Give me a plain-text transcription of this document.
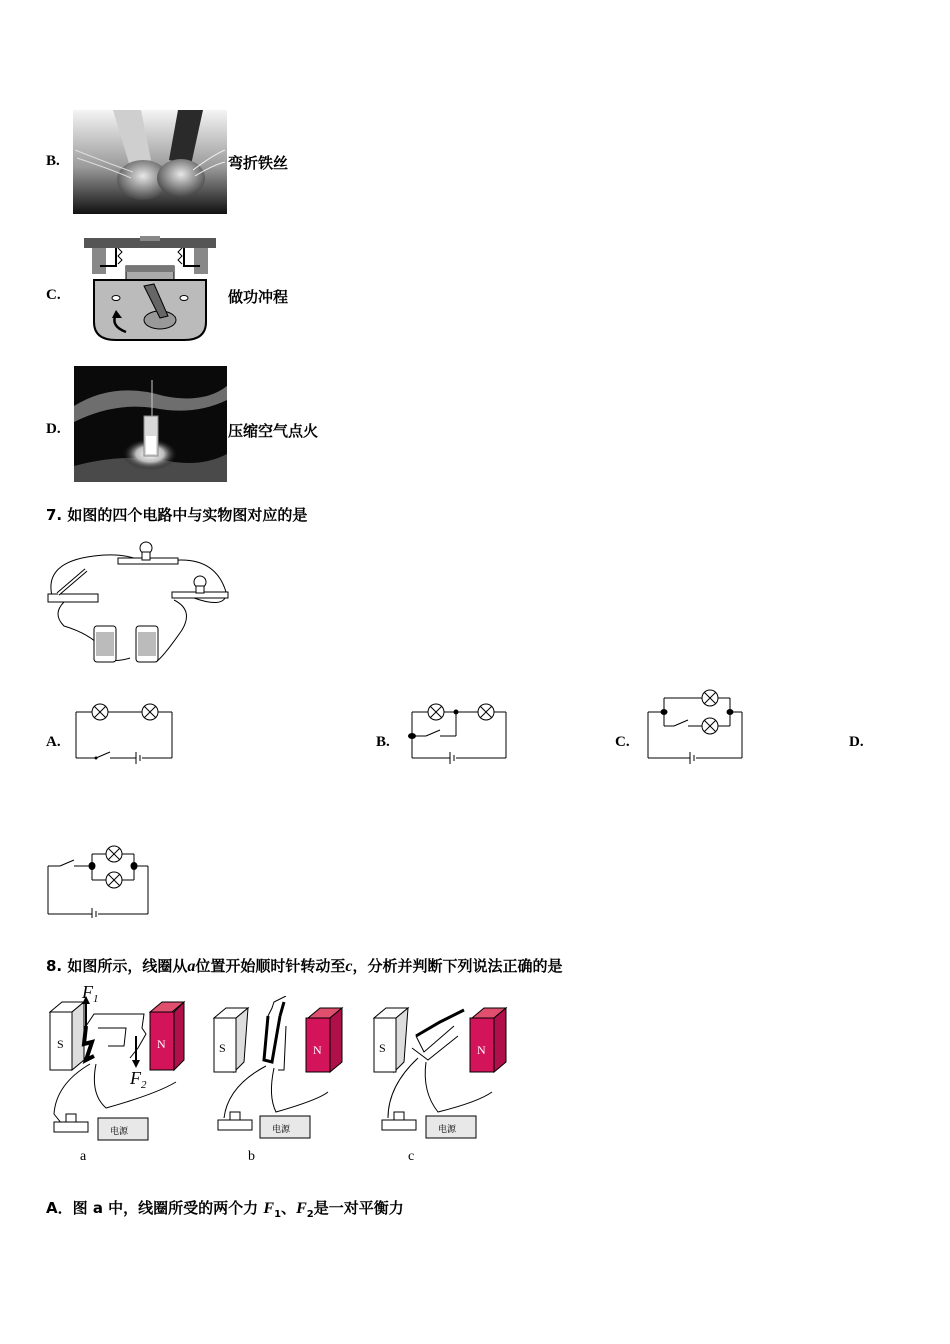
B.	弯折铁丝
C.	做功冲程
D.	压缩空气点火
7. 如图的四个电路中与实物图对应的是
A.	B.	C.	D.
8. 如图所示，线圈从a位置开始顺时针转动至c，分析并判断下列说法正确的是
S	N
$F_1$
$F_2$
电源
a
S	N
电源
b
S	N
电源
c
A．图 a 中，线圈所受的两个力 $F_1$、$F_2$是一对平衡力
